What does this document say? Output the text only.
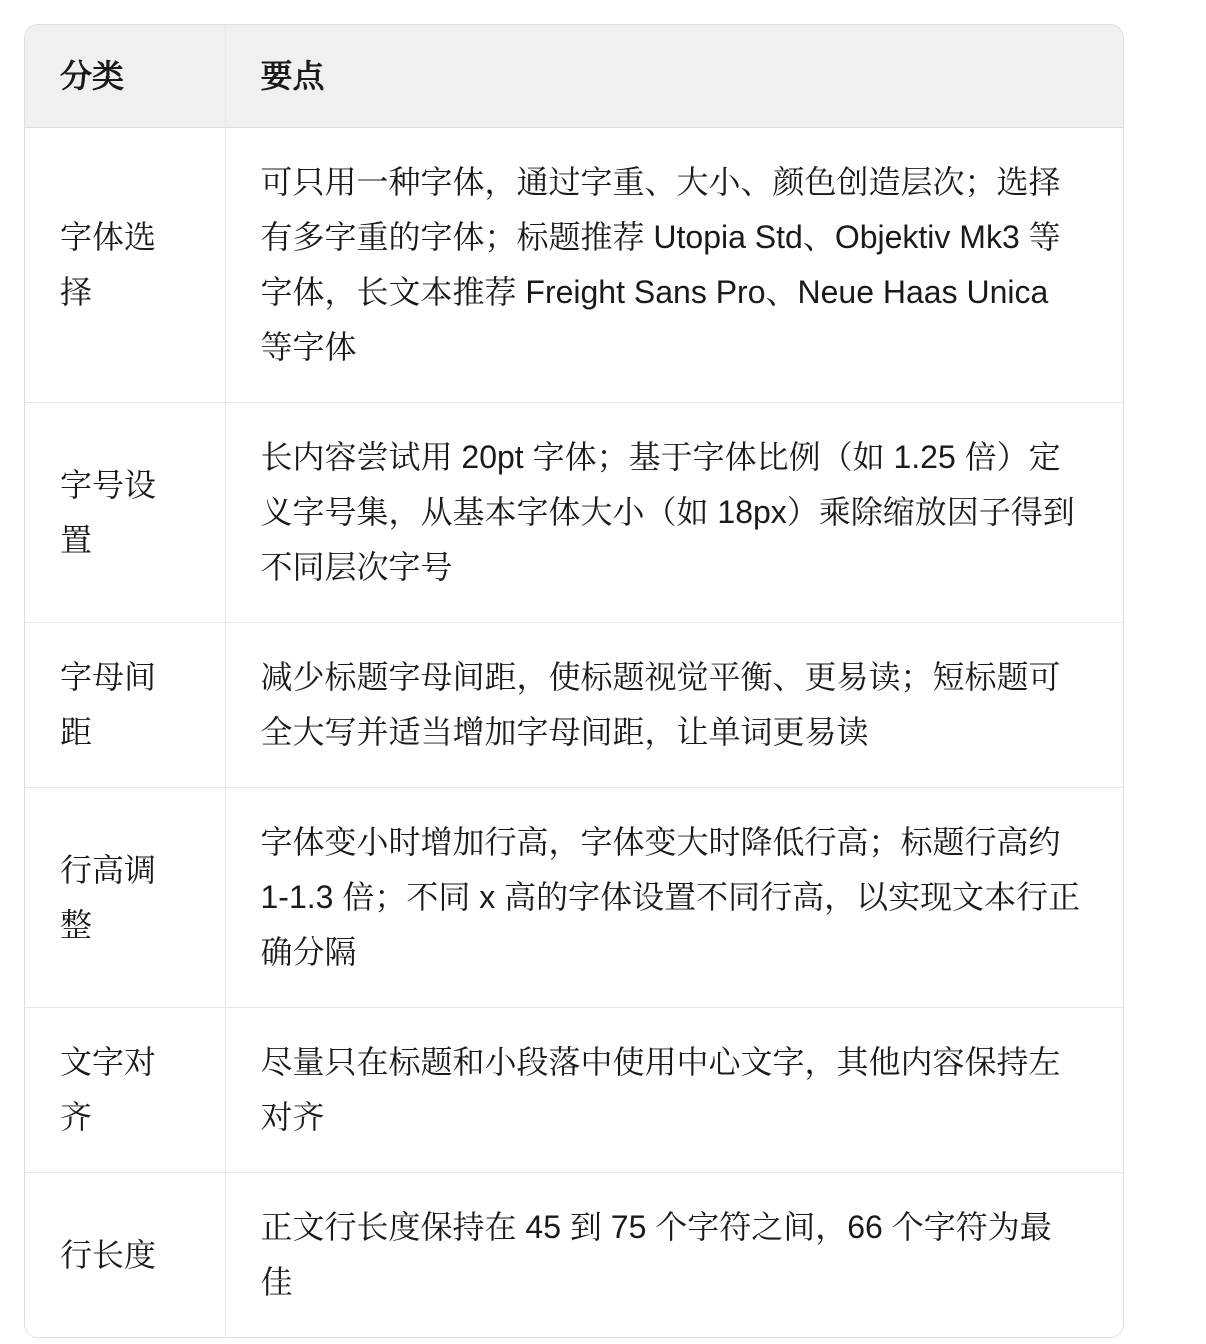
分类	要点
字体选择	可只用一种字体，通过字重、大小、颜色创造层次；选择有多字重的字体；标题推荐 Utopia Std、Objektiv Mk3 等字体，长文本推荐 Freight Sans Pro、Neue Haas Unica 等字体
字号设置	长内容尝试用 20pt 字体；基于字体比例（如 1.25 倍）定义字号集，从基本字体大小（如 18px）乘除缩放因子得到不同层次字号
字母间距	减少标题字母间距，使标题视觉平衡、更易读；短标题可全大写并适当增加字母间距，让单词更易读
行高调整	字体变小时增加行高，字体变大时降低行高；标题行高约 1-1.3 倍；不同 x 高的字体设置不同行高，以实现文本行正确分隔
文字对齐	尽量只在标题和小段落中使用中心文字，其他内容保持左对齐
行长度	正文行长度保持在 45 到 75 个字符之间，66 个字符为最佳
